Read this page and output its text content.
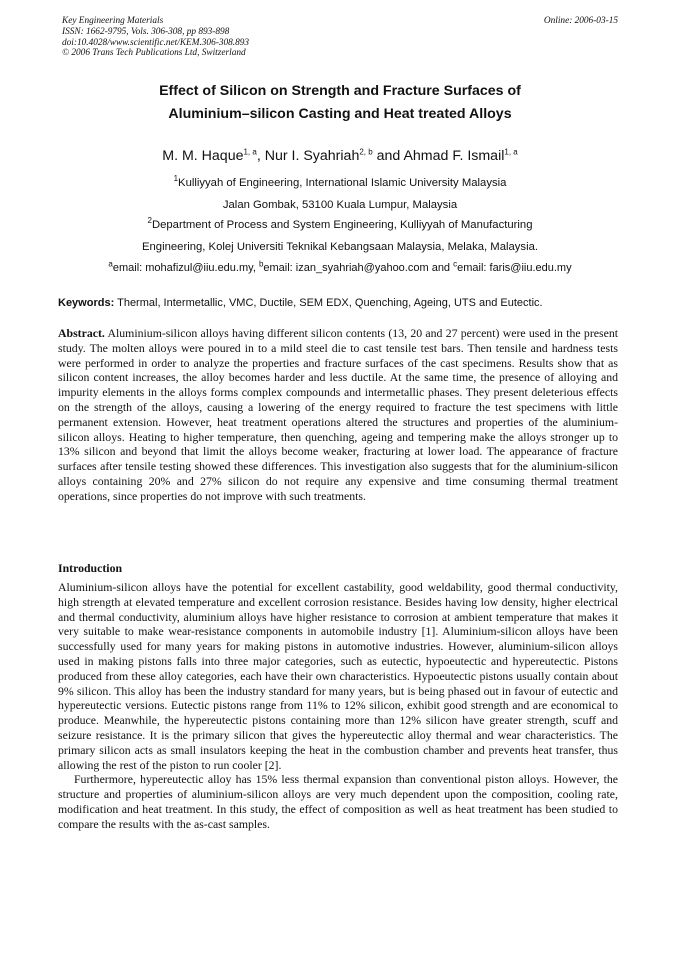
Key Engineering Materials
ISSN: 1662-9795, Vols. 306-308, pp 893-898
doi:10.4028/www.scientific.net/KEM.306-308.893
© 2006 Trans Tech Publications Ltd, Switzerland
Online: 2006-03-15
Effect of Silicon on Strength and Fracture Surfaces of
Aluminium–silicon Casting and Heat treated Alloys
M. M. Haque$^{1, a}$, Nur I. Syahriah$^{2, b}$ and Ahmad F. Ismail$^{1, a}$
$^1$Kulliyyah of Engineering, International Islamic University Malaysia
Jalan Gombak, 53100 Kuala Lumpur, Malaysia
$^2$Department of Process and System Engineering, Kulliyyah of Manufacturing
Engineering, Kolej Universiti Teknikal Kebangsaan Malaysia, Melaka, Malaysia.
$^a$email: mohafizul@iiu.edu.my, $^b$email: izan_syahriah@yahoo.com and $^c$email: faris@iiu.edu.my
Keywords: Thermal, Intermetallic, VMC, Ductile, SEM EDX, Quenching, Ageing, UTS and Eutectic.
Abstract. Aluminium-silicon alloys having different silicon contents (13, 20 and 27 percent) were used in the present study. The molten alloys were poured in to a mild steel die to cast tensile test bars. Then tensile and hardness tests were performed in order to analyze the properties and fracture surfaces of the cast specimens. Results show that as silicon content increases, the alloy becomes harder and less ductile. At the same time, the presence of alloying and impurity elements in the alloys forms complex compounds and intermetallic phases. They present deleterious effects on the strength of the alloys, causing a lowering of the energy required to fracture the test specimens with little permanent extension. However, heat treatment operations altered the structures and properties of the aluminium-silicon alloys. Heating to higher temperature, then quenching, ageing and tempering make the alloys stronger up to 13% silicon and beyond that limit the alloys become weaker, fracturing at lower load. The appearance of fracture surfaces after tensile testing showed these differences. This investigation also suggests that for the aluminium-silicon alloys containing 20% and 27% silicon do not require any expensive and time consuming thermal treatment operations, since properties do not improve with such treatments.
Introduction
Aluminium-silicon alloys have the potential for excellent castability, good weldability, good thermal conductivity, high strength at elevated temperature and excellent corrosion resistance. Besides having low density, higher electrical and thermal conductivity, aluminium alloys have higher resistance to corrosion at ambient temperature that makes it very suitable to make wear-resistance components in automobile industry [1]. Aluminium-silicon alloys have been successfully used for many years for making pistons in automotive industries. However, aluminium-silicon alloys used in making pistons falls into three major categories, such as eutectic, hypoeutectic and hypereutectic. Pistons produced from these alloy categories, each have their own characteristics. Hypoeutectic pistons usually contain about 9% silicon. This alloy has been the industry standard for many years, but is being phased out in favour of eutectic and hypereutectic versions. Eutectic pistons range from 11% to 12% silicon, exhibit good strength and are economical to produce. Meanwhile, the hypereutectic pistons containing more than 12% silicon have greater strength, scuff and seizure resistance. It is the primary silicon that gives the hypereutectic alloy thermal and wear characteristics. The primary silicon acts as small insulators keeping the heat in the combustion chamber and prevents heat transfer, thus allowing the rest of the piston to run cooler [2].
Furthermore, hypereutectic alloy has 15% less thermal expansion than conventional piston alloys. However, the structure and properties of aluminium-silicon alloys are very much dependent upon the composition, cooling rate, modification and heat treatment. In this study, the effect of composition as well as heat treatment has been studied to compare the results with the as-cast samples.
